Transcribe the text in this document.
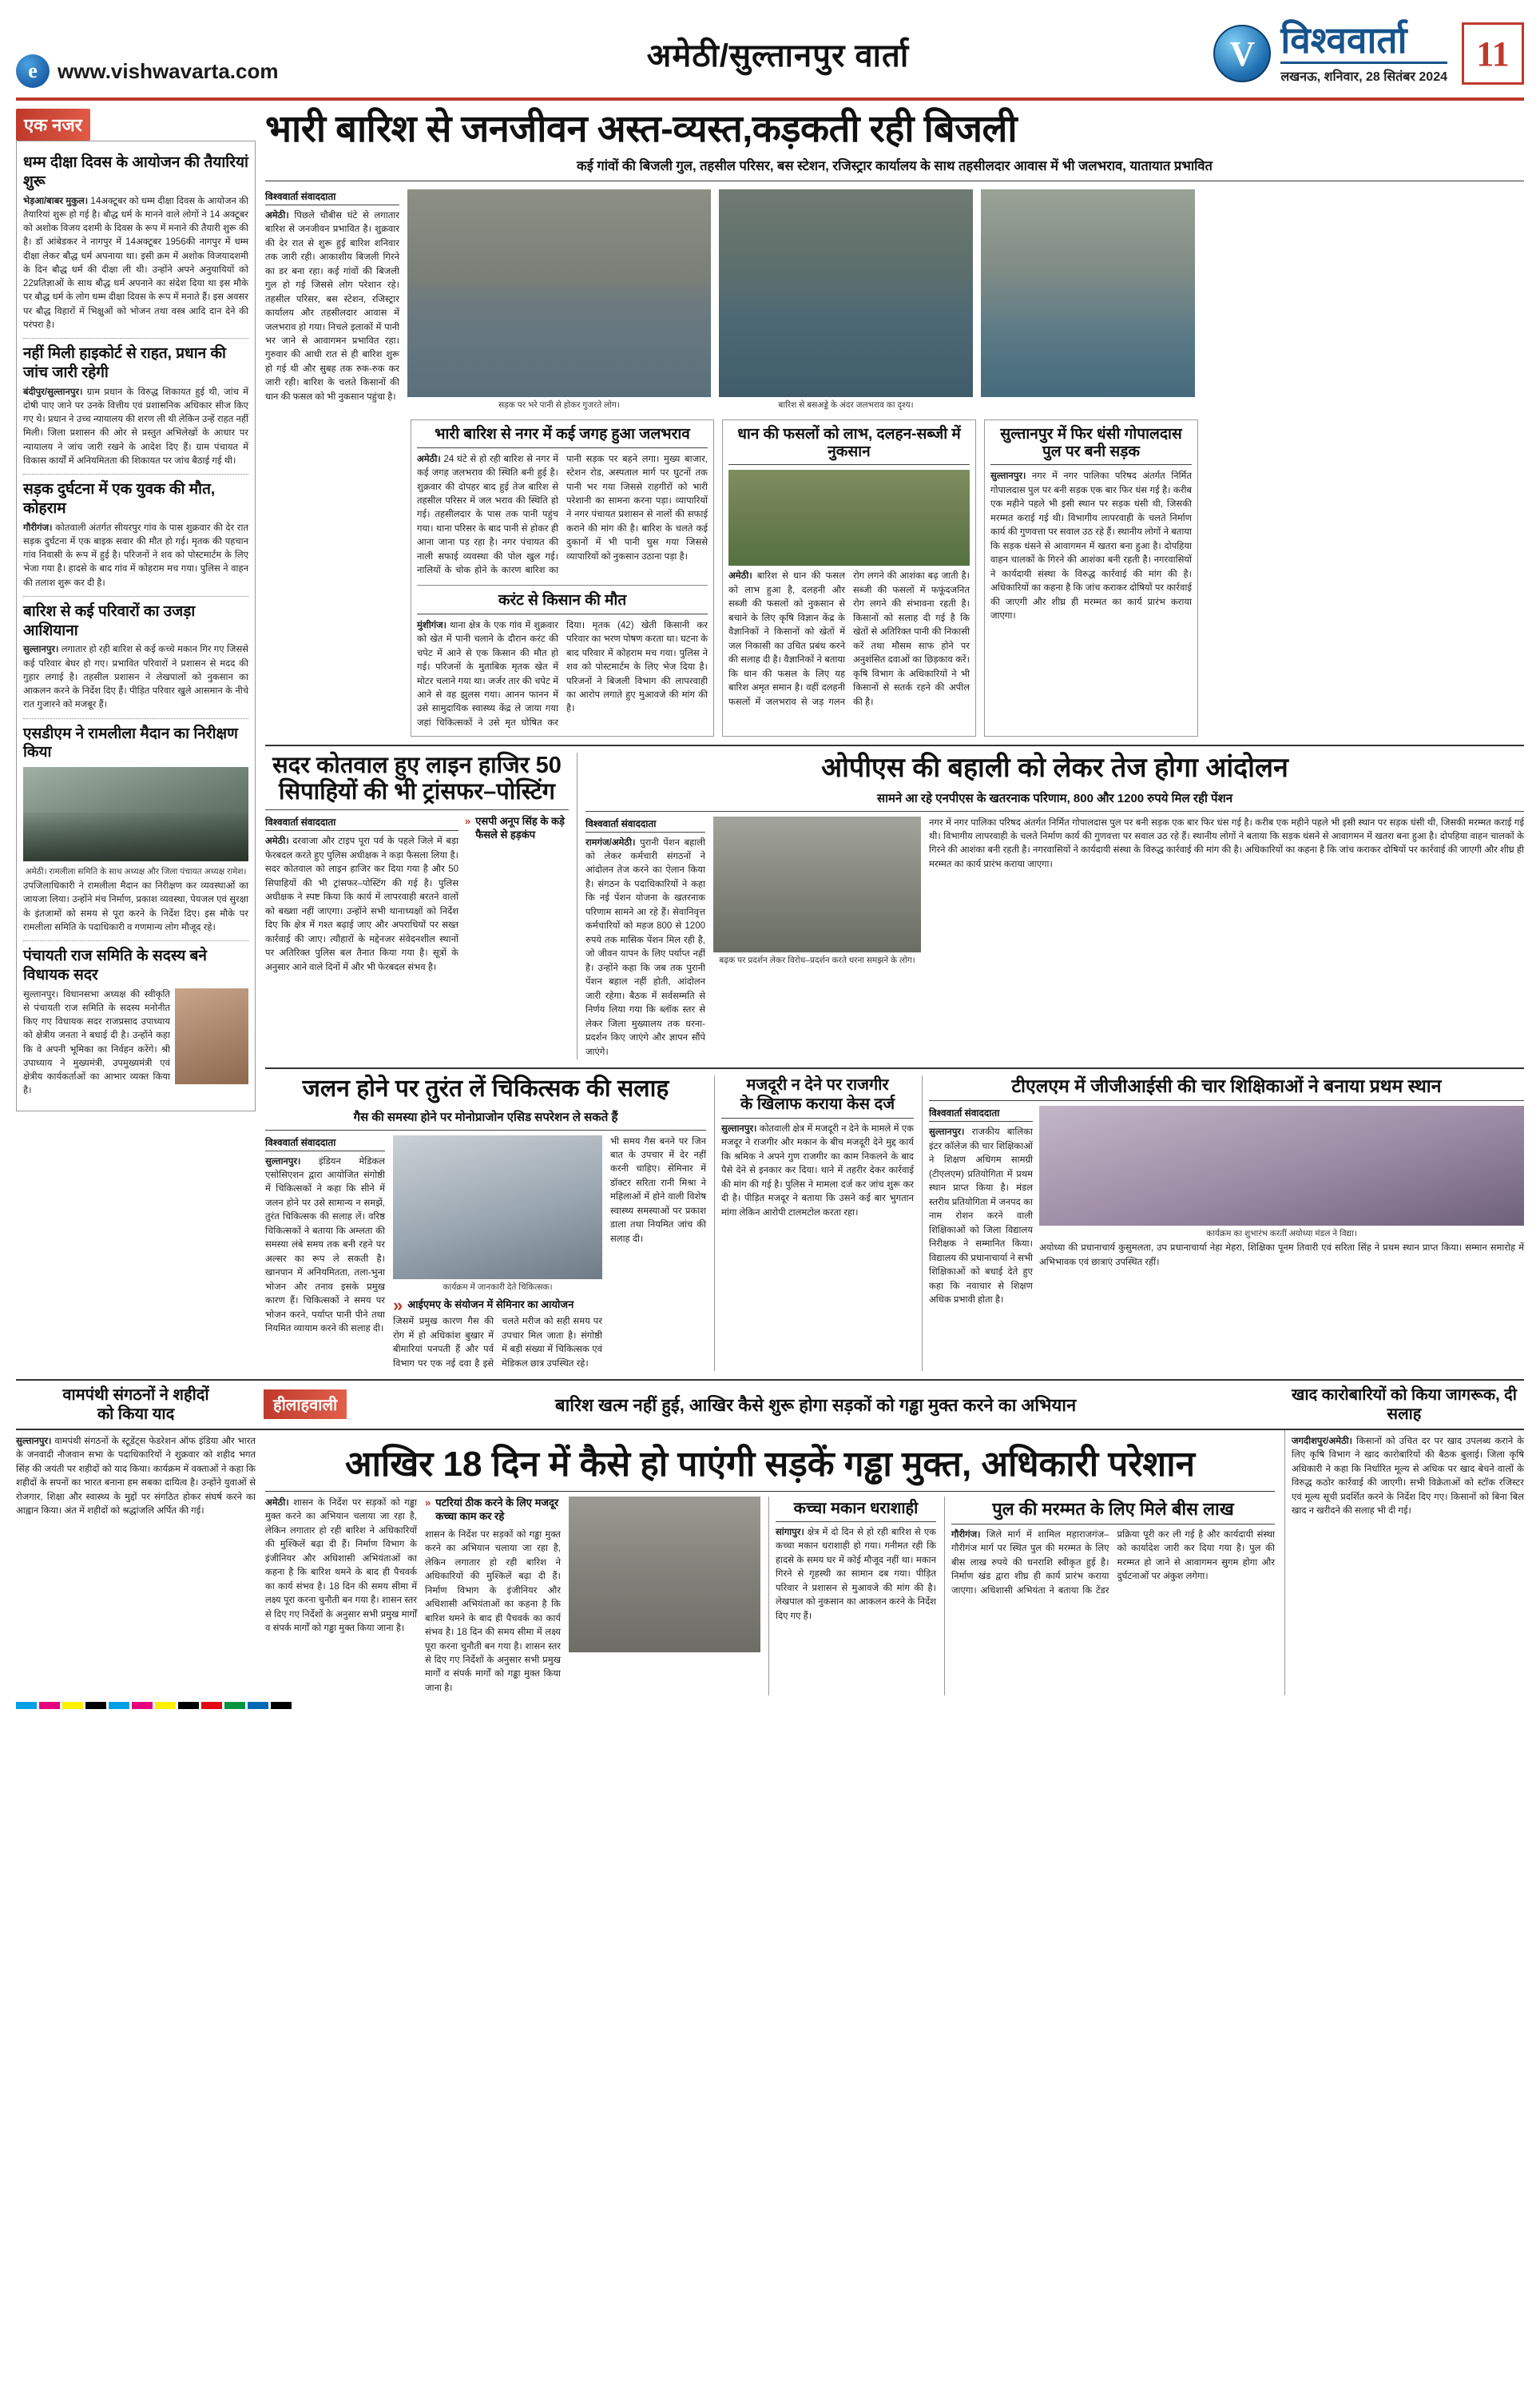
e www.vishwavarta.com	अमेठी/सुल्तानपुर वार्ता	V विश्ववार्ता
लखनऊ, शनिवार, 28 सितंबर 2024
11
एक नजर
धम्म दीक्षा दिवस के आयोजन की तैयारियां शुरू
भेड़आ/बाबर मुकुल। 14अक्टूबर को धम्म दीक्षा दिवस के आयोजन की तैयारियां शुरू हो गई है। बौद्ध धर्म के मानने वाले लोगों ने 14 अक्टूबर को अशोक विजय दशमी के दिवस के रूप में मनाने की तैयारी शुरू की है। डॉ आंबेडकर ने नागपुर में 14अक्टूबर 1956की नागपुर में धम्म दीक्षा लेकर बौद्ध धर्म अपनाया था। इसी क्रम में अशोक विजयादशमी के दिन बौद्ध धर्म की दीक्षा ली थी। उन्होंने अपने अनुयायियों को 22प्रतिज्ञाओं के साथ बौद्ध धर्म अपनाने का संदेश दिया था इस मौके पर बौद्ध धर्म के लोग धम्म दीक्षा दिवस के रूप में मनाते हैं। इस अवसर पर बौद्ध विहारों में भिक्षुओं को भोजन तथा वस्त्र आदि दान देने की परंपरा है।
नहीं मिली हाइकोर्ट से राहत, प्रधान की जांच जारी रहेगी
बंदीपुर/सुल्तानपुर। ग्राम प्रधान के विरुद्ध शिकायत हुई थी, जांच में दोषी पाए जाने पर उनके वित्तीय एवं प्रशासनिक अधिकार सीज किए गए थे। प्रधान ने उच्च न्यायालय की शरण ली थी लेकिन उन्हें राहत नहीं मिली। जिला प्रशासन की ओर से प्रस्तुत अभिलेखों के आधार पर न्यायालय ने जांच जारी रखने के आदेश दिए हैं। ग्राम पंचायत में विकास कार्यों में अनियमितता की शिकायत पर जांच बैठाई गई थी।
सड़क दुर्घटना में एक युवक की मौत, कोहराम
गौरीगंज। कोतवाली अंतर्गत सीयरपुर गांव के पास शुक्रवार की देर रात सड़क दुर्घटना में एक बाइक सवार की मौत हो गई। मृतक की पहचान गांव निवासी के रूप में हुई है। परिजनों ने शव को पोस्टमार्टम के लिए भेजा गया है। हादसे के बाद गांव में कोहराम मच गया। पुलिस ने वाहन की तलाश शुरू कर दी है।
बारिश से कई परिवारों का उजड़ा आशियाना
सुल्तानपुर। लगातार हो रही बारिश से कई कच्चे मकान गिर गए जिससे कई परिवार बेघर हो गए। प्रभावित परिवारों ने प्रशासन से मदद की गुहार लगाई है। तहसील प्रशासन ने लेखपालों को नुकसान का आकलन करने के निर्देश दिए हैं। पीड़ित परिवार खुले आसमान के नीचे रात गुजारने को मजबूर हैं।
एसडीएम ने रामलीला मैदान का निरीक्षण किया
अमेठी। रामलीला समिति के साथ अध्यक्ष और जिला पंचायत अध्यक्ष रामेश।
उपजिलाधिकारी ने रामलीला मैदान का निरीक्षण कर व्यवस्थाओं का जायजा लिया। उन्होंने मंच निर्माण, प्रकाश व्यवस्था, पेयजल एवं सुरक्षा के इंतजामों को समय से पूरा करने के निर्देश दिए। इस मौके पर रामलीला समिति के पदाधिकारी व गणमान्य लोग मौजूद रहे।
पंचायती राज समिति के सदस्य बने विधायक सदर
सुल्तानपुर। विधानसभा अध्यक्ष की स्वीकृति से पंचायती राज समिति के सदस्य मनोनीत किए गए विधायक सदर राजप्रसाद उपाध्याय को क्षेत्रीय जनता ने बधाई दी है। उन्होंने कहा कि वे अपनी भूमिका का निर्वहन करेंगे। श्री उपाध्याय ने मुख्यमंत्री, उपमुख्यमंत्री एवं क्षेत्रीय कार्यकर्ताओं का आभार व्यक्त किया है।
भारी बारिश से जनजीवन अस्त-व्यस्त,कड़कती रही बिजली
कई गांवों की बिजली गुल, तहसील परिसर, बस स्टेशन, रजिस्ट्रार कार्यालय के साथ तहसीलदार आवास में भी जलभराव, यातायात प्रभावित
विश्ववार्ता संवाददाता
अमेठी। पिछले चौबीस घंटे से लगातार बारिश से जनजीवन प्रभावित है। शुक्रवार की देर रात से शुरू हुई बारिश शनिवार तक जारी रही। आकाशीय बिजली गिरने का डर बना रहा। कई गांवों की बिजली गुल हो गई जिससे लोग परेशान रहे। तहसील परिसर, बस स्टेशन, रजिस्ट्रार कार्यालय और तहसीलदार आवास में जलभराव हो गया। निचले इलाकों में पानी भर जाने से आवागमन प्रभावित रहा। गुरुवार की आधी रात से ही बारिश शुरू हो गई थी और सुबह तक रुक-रुक कर जारी रही। बारिश के चलते किसानों की धान की फसल को भी नुकसान पहुंचा है।
सड़क पर भरे पानी से होकर गुजरते लोग।	बारिश से बसअड्डे के अंदर जलभराव का दृश्य।
भारी बारिश से नगर में कई जगह हुआ जलभराव
अमेठी। 24 घंटे से हो रही बारिश से नगर में कई जगह जलभराव की स्थिति बनी हुई है। शुक्रवार की दोपहर बाद हुई तेज बारिश से तहसील परिसर में जल भराव की स्थिति हो गई। तहसीलदार के पास तक पानी पहुंच गया। थाना परिसर के बाद पानी से होकर ही आना जाना पड़ रहा है। नगर पंचायत की नाली सफाई व्यवस्था की पोल खुल गई। नालियों के चोक होने के कारण बारिश का पानी सड़क पर बहने लगा। मुख्य बाजार, स्टेशन रोड, अस्पताल मार्ग पर घुटनों तक पानी भर गया जिससे राहगीरों को भारी परेशानी का सामना करना पड़ा। व्यापारियों ने नगर पंचायत प्रशासन से नालों की सफाई कराने की मांग की है। बारिश के चलते कई दुकानों में भी पानी घुस गया जिससे व्यापारियों को नुकसान उठाना पड़ा है।
करंट से किसान की मौत
मुंशीगंज। थाना क्षेत्र के एक गांव में शुक्रवार को खेत में पानी चलाने के दौरान करंट की चपेट में आने से एक किसान की मौत हो गई। परिजनों के मुताबिक मृतक खेत में मोटर चलाने गया था। जर्जर तार की चपेट में आने से वह झुलस गया। आनन फानन में उसे सामुदायिक स्वास्थ्य केंद्र ले जाया गया जहां चिकित्सकों ने उसे मृत घोषित कर दिया। मृतक (42) खेती किसानी कर परिवार का भरण पोषण करता था। घटना के बाद परिवार में कोहराम मच गया। पुलिस ने शव को पोस्टमार्टम के लिए भेज दिया है। परिजनों ने बिजली विभाग की लापरवाही का आरोप लगाते हुए मुआवजे की मांग की है।
धान की फसलों को लाभ, दलहन-सब्जी में नुकसान
अमेठी। बारिश से धान की फसल को लाभ हुआ है, दलहनी और सब्जी की फसलों को नुकसान से बचाने के लिए कृषि विज्ञान केंद्र के वैज्ञानिकों ने किसानों को खेतों में जल निकासी का उचित प्रबंध करने की सलाह दी है। वैज्ञानिकों ने बताया कि धान की फसल के लिए यह बारिश अमृत समान है। वहीं दलहनी फसलों में जलभराव से जड़ गलन रोग लगने की आशंका बढ़ जाती है। सब्जी की फसलों में फफूंदजनित रोग लगने की संभावना रहती है। किसानों को सलाह दी गई है कि खेतों से अतिरिक्त पानी की निकासी करें तथा मौसम साफ होने पर अनुशंसित दवाओं का छिड़काव करें। कृषि विभाग के अधिकारियों ने भी किसानों से सतर्क रहने की अपील की है।
सुल्तानपुर में फिर धंसी गोपालदास पुल पर बनी सड़क
सुल्तानपुर। नगर में नगर पालिका परिषद अंतर्गत निर्मित गोपालदास पुल पर बनी सड़क एक बार फिर धंस गई है। करीब एक महीने पहले भी इसी स्थान पर सड़क धंसी थी, जिसकी मरम्मत कराई गई थी। विभागीय लापरवाही के चलते निर्माण कार्य की गुणवत्ता पर सवाल उठ रहे हैं। स्थानीय लोगों ने बताया कि सड़क धंसने से आवागमन में खतरा बना हुआ है। दोपहिया वाहन चालकों के गिरने की आशंका बनी रहती है। नगरवासियों ने कार्यदायी संस्था के विरुद्ध कार्रवाई की मांग की है। अधिकारियों का कहना है कि जांच कराकर दोषियों पर कार्रवाई की जाएगी और शीघ्र ही मरम्मत का कार्य प्रारंभ कराया जाएगा।
सदर कोतवाल हुए लाइन हाजिर 50
सिपाहियों की भी ट्रांसफर–पोस्टिंग
विश्ववार्ता संवाददाता
अमेठी। दरवाजा और टाइप पूरा पर्व के पहले जिले में बड़ा फेरबदल करते हुए पुलिस अधीक्षक ने कड़ा फैसला लिया है। सदर कोतवाल को लाइन हाजिर कर दिया गया है और 50 सिपाहियों की भी ट्रांसफर–पोस्टिंग की गई है। पुलिस अधीक्षक ने स्पष्ट किया कि कार्य में लापरवाही बरतने वालों को बख्शा नहीं जाएगा। उन्होंने सभी थानाध्यक्षों को निर्देश दिए कि क्षेत्र में गश्त बढ़ाई जाए और अपराधियों पर सख्त कार्रवाई की जाए। त्यौहारों के मद्देनजर संवेदनशील स्थानों पर अतिरिक्त पुलिस बल तैनात किया गया है। सूत्रों के अनुसार आने वाले दिनों में और भी फेरबदल संभव है।
» एसपी अनूप सिंह के कड़े फैसले से हड़कंप
ओपीएस की बहाली को लेकर तेज होगा आंदोलन
सामने आ रहे एनपीएस के खतरनाक परिणाम, 800 और 1200 रुपये मिल रही पेंशन
विश्ववार्ता संवाददाता
रामगंज/अमेठी। पुरानी पेंशन बहाली को लेकर कर्मचारी संगठनों ने आंदोलन तेज करने का ऐलान किया है। संगठन के पदाधिकारियों ने कहा कि नई पेंशन योजना के खतरनाक परिणाम सामने आ रहे हैं। सेवानिवृत्त कर्मचारियों को महज 800 से 1200 रुपये तक मासिक पेंशन मिल रही है, जो जीवन यापन के लिए पर्याप्त नहीं है। उन्होंने कहा कि जब तक पुरानी पेंशन बहाल नहीं होती, आंदोलन जारी रहेगा। बैठक में सर्वसम्मति से निर्णय लिया गया कि ब्लॉक स्तर से लेकर जिला मुख्यालय तक धरना-प्रदर्शन किए जाएंगे और ज्ञापन सौंपे जाएंगे।
बढ़क पर प्रदर्शन लेकर विरोध–प्रदर्शन करते धरना समझने के लोग।
नगर में नगर पालिका परिषद अंतर्गत निर्मित गोपालदास पुल पर बनी सड़क एक बार फिर धंस गई है। करीब एक महीने पहले भी इसी स्थान पर सड़क धंसी थी, जिसकी मरम्मत कराई गई थी। विभागीय लापरवाही के चलते निर्माण कार्य की गुणवत्ता पर सवाल उठ रहे हैं। स्थानीय लोगों ने बताया कि सड़क धंसने से आवागमन में खतरा बना हुआ है। दोपहिया वाहन चालकों के गिरने की आशंका बनी रहती है। नगरवासियों ने कार्यदायी संस्था के विरुद्ध कार्रवाई की मांग की है। अधिकारियों का कहना है कि जांच कराकर दोषियों पर कार्रवाई की जाएगी और शीघ्र ही मरम्मत का कार्य प्रारंभ कराया जाएगा।
जलन होने पर तुरंत लें चिकित्सक की सलाह
गैस की समस्या होने पर मोनोप्राजोन एसिड सपरेशन ले सकते हैं
विश्ववार्ता संवाददाता
सुल्तानपुर। इंडियन मेडिकल एसोसिएशन द्वारा आयोजित संगोष्ठी में चिकित्सकों ने कहा कि सीने में जलन होने पर उसे सामान्य न समझें, तुरंत चिकित्सक की सलाह लें। वरिष्ठ चिकित्सकों ने बताया कि अम्लता की समस्या लंबे समय तक बनी रहने पर अल्सर का रूप ले सकती है। खानपान में अनियमितता, तला-भुना भोजन और तनाव इसके प्रमुख कारण हैं। चिकित्सकों ने समय पर भोजन करने, पर्याप्त पानी पीने तथा नियमित व्यायाम करने की सलाह दी।
कार्यक्रम में जानकारी देते चिकित्सक।
» आईएमए के संयोजन में सेमिनार का आयोजन
जिसमें प्रमुख कारण गैस की रोग में हो अधिकांश बुखार में बीमारियां पनपती हैं और पर्व विभाग पर एक नई दवा है इसे चलते मरीज को सही समय पर उपचार मिल जाता है। संगोष्ठी में बड़ी संख्या में चिकित्सक एवं मेडिकल छात्र उपस्थित रहे।
भी समय गैस बनने पर जिन बात के उपचार में देर नहीं करनी चाहिए। सेमिनार में डॉक्टर सरिता रानी मिश्रा ने महिलाओं में होने वाली विशेष स्वास्थ्य समस्याओं पर प्रकाश डाला तथा नियमित जांच की सलाह दी।
मजदूरी न देने पर राजगीर
के खिलाफ कराया केस दर्ज
सुल्तानपुर। कोतवाली क्षेत्र में मजदूरी न देने के मामले में एक मजदूर ने राजगीर और मकान के बीच मजदूरी देने मुद्द कार्य कि श्रमिक ने अपने गुण राजगीर का काम निकलने के बाद पैसे देने से इनकार कर दिया। थाने में तहरीर देकर कार्रवाई की मांग की गई है। पुलिस ने मामला दर्ज कर जांच शुरू कर दी है। पीड़ित मजदूर ने बताया कि उसने कई बार भुगतान मांगा लेकिन आरोपी टालमटोल करता रहा।
टीएलएम में जीजीआईसी की चार शिक्षिकाओं ने बनाया प्रथम स्थान
विश्ववार्ता संवाददाता
सुल्तानपुर। राजकीय बालिका इंटर कॉलेज की चार शिक्षिकाओं ने शिक्षण अधिगम सामग्री (टीएलएम) प्रतियोगिता में प्रथम स्थान प्राप्त किया है। मंडल स्तरीय प्रतियोगिता में जनपद का नाम रोशन करने वाली शिक्षिकाओं को जिला विद्यालय निरीक्षक ने सम्मानित किया। विद्यालय की प्रधानाचार्या ने सभी शिक्षिकाओं को बधाई देते हुए कहा कि नवाचार से शिक्षण अधिक प्रभावी होता है।
कार्यक्रम का शुभारंभ करतीं अयोध्या मंडल ने विद्या।
अयोध्या की प्रधानाचार्य कुसुमलता, उप प्रधानाचार्या नेहा मेहरा, शिक्षिका पूनम तिवारी एवं सरिता सिंह ने प्रथम स्थान प्राप्त किया। सम्मान समारोह में अभिभावक एवं छात्राएं उपस्थित रहीं।
वामपंथी संगठनों ने शहीदों
को किया याद	हीलाहवाली	बारिश खत्म नहीं हुई, आखिर कैसे शुरू होगा सड़कों को गड्ढा मुक्त करने का अभियान	खाद कारोबारियों को किया जागरूक, दी सलाह
सुल्तानपुर। वामपंथी संगठनों के स्टूडेंट्स फेडरेशन ऑफ इंडिया और भारत के जनवादी नौजवान सभा के पदाधिकारियों ने शुक्रवार को शहीद भगत सिंह की जयंती पर शहीदों को याद किया। कार्यक्रम में वक्ताओं ने कहा कि शहीदों के सपनों का भारत बनाना हम सबका दायित्व है। उन्होंने युवाओं से रोजगार, शिक्षा और स्वास्थ्य के मुद्दों पर संगठित होकर संघर्ष करने का आह्वान किया। अंत में शहीदों को श्रद्धांजलि अर्पित की गई।
आखिर 18 दिन में कैसे हो पाएंगी सड़कें गड्ढा मुक्त, अधिकारी परेशान
अमेठी। शासन के निर्देश पर सड़कों को गड्ढा मुक्त करने का अभियान चलाया जा रहा है, लेकिन लगातार हो रही बारिश ने अधिकारियों की मुश्किलें बढ़ा दी हैं। निर्माण विभाग के इंजीनियर और अधिशासी अभियंताओं का कहना है कि बारिश थमने के बाद ही पैचवर्क का कार्य संभव है। 18 दिन की समय सीमा में लक्ष्य पूरा करना चुनौती बन गया है। शासन स्तर से दिए गए निर्देशों के अनुसार सभी प्रमुख मार्गों व संपर्क मार्गों को गड्ढा मुक्त किया जाना है।
» पटरियां ठीक करने के लिए मजदूर कच्चा काम कर रहे
शासन के निर्देश पर सड़कों को गड्ढा मुक्त करने का अभियान चलाया जा रहा है, लेकिन लगातार हो रही बारिश ने अधिकारियों की मुश्किलें बढ़ा दी हैं। निर्माण विभाग के इंजीनियर और अधिशासी अभियंताओं का कहना है कि बारिश थमने के बाद ही पैचवर्क का कार्य संभव है। 18 दिन की समय सीमा में लक्ष्य पूरा करना चुनौती बन गया है। शासन स्तर से दिए गए निर्देशों के अनुसार सभी प्रमुख मार्गों व संपर्क मार्गों को गड्ढा मुक्त किया जाना है।
कच्चा मकान धराशाही
सांगापुर। क्षेत्र में दो दिन से हो रही बारिश से एक कच्चा मकान धराशाही हो गया। गनीमत रही कि हादसे के समय घर में कोई मौजूद नहीं था। मकान गिरने से गृहस्थी का सामान दब गया। पीड़ित परिवार ने प्रशासन से मुआवजे की मांग की है। लेखपाल को नुकसान का आकलन करने के निर्देश दिए गए हैं।
पुल की मरम्मत के लिए मिले बीस लाख
गौरीगंज। जिले मार्ग में शामिल महाराजगंज–गौरीगंज मार्ग पर स्थित पुल की मरम्मत के लिए बीस लाख रुपये की धनराशि स्वीकृत हुई है। निर्माण खंड द्वारा शीघ्र ही कार्य प्रारंभ कराया जाएगा। अधिशासी अभियंता ने बताया कि टेंडर प्रक्रिया पूरी कर ली गई है और कार्यदायी संस्था को कार्यादेश जारी कर दिया गया है। पुल की मरम्मत हो जाने से आवागमन सुगम होगा और दुर्घटनाओं पर अंकुश लगेगा।
जगदीशपुर/अमेठी। किसानों को उचित दर पर खाद उपलब्ध कराने के लिए कृषि विभाग ने खाद कारोबारियों की बैठक बुलाई। जिला कृषि अधिकारी ने कहा कि निर्धारित मूल्य से अधिक पर खाद बेचने वालों के विरुद्ध कठोर कार्रवाई की जाएगी। सभी विक्रेताओं को स्टॉक रजिस्टर एवं मूल्य सूची प्रदर्शित करने के निर्देश दिए गए। किसानों को बिना बिल खाद न खरीदने की सलाह भी दी गई।
